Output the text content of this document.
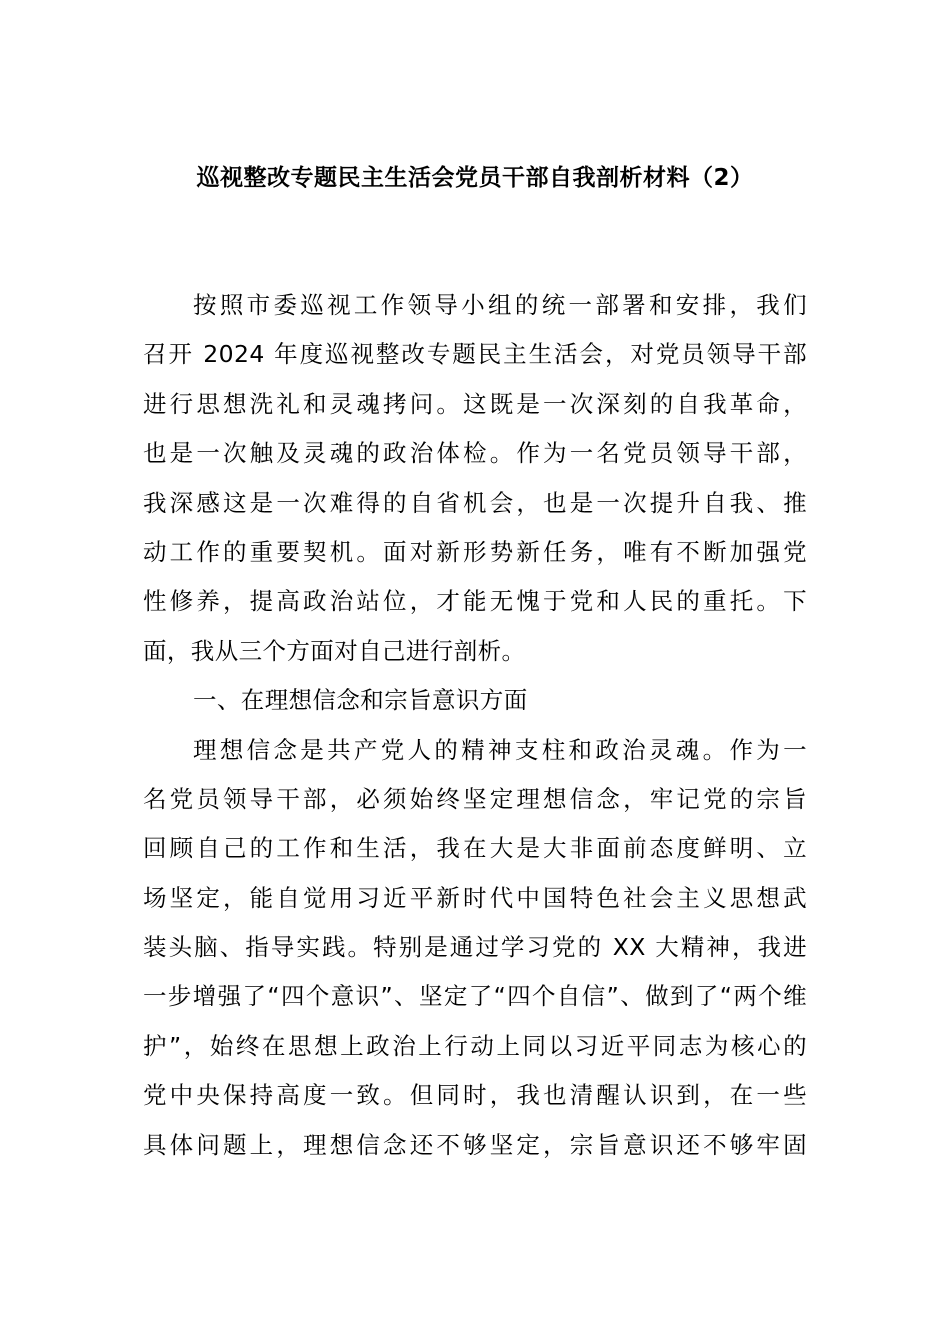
巡视整改专题民主生活会党员干部自我剖析材料（2）
按照市委巡视工作领导小组的统一部署和安排，我们
召开 2024 年度巡视整改专题民主生活会，对党员领导干部
进行思想洗礼和灵魂拷问。这既是一次深刻的自我革命，
也是一次触及灵魂的政治体检。作为一名党员领导干部，
我深感这是一次难得的自省机会，也是一次提升自我、推
动工作的重要契机。面对新形势新任务，唯有不断加强党
性修养，提高政治站位，才能无愧于党和人民的重托。下
面，我从三个方面对自己进行剖析。
一、在理想信念和宗旨意识方面
理想信念是共产党人的精神支柱和政治灵魂。作为一
名党员领导干部，必须始终坚定理想信念，牢记党的宗旨
回顾自己的工作和生活，我在大是大非面前态度鲜明、立
场坚定，能自觉用习近平新时代中国特色社会主义思想武
装头脑、指导实践。特别是通过学习党的 XX 大精神，我进
一步增强了“四个意识”、坚定了“四个自信”、做到了“两个维
护”，始终在思想上政治上行动上同以习近平同志为核心的
党中央保持高度一致。但同时，我也清醒认识到，在一些
具体问题上，理想信念还不够坚定，宗旨意识还不够牢固
